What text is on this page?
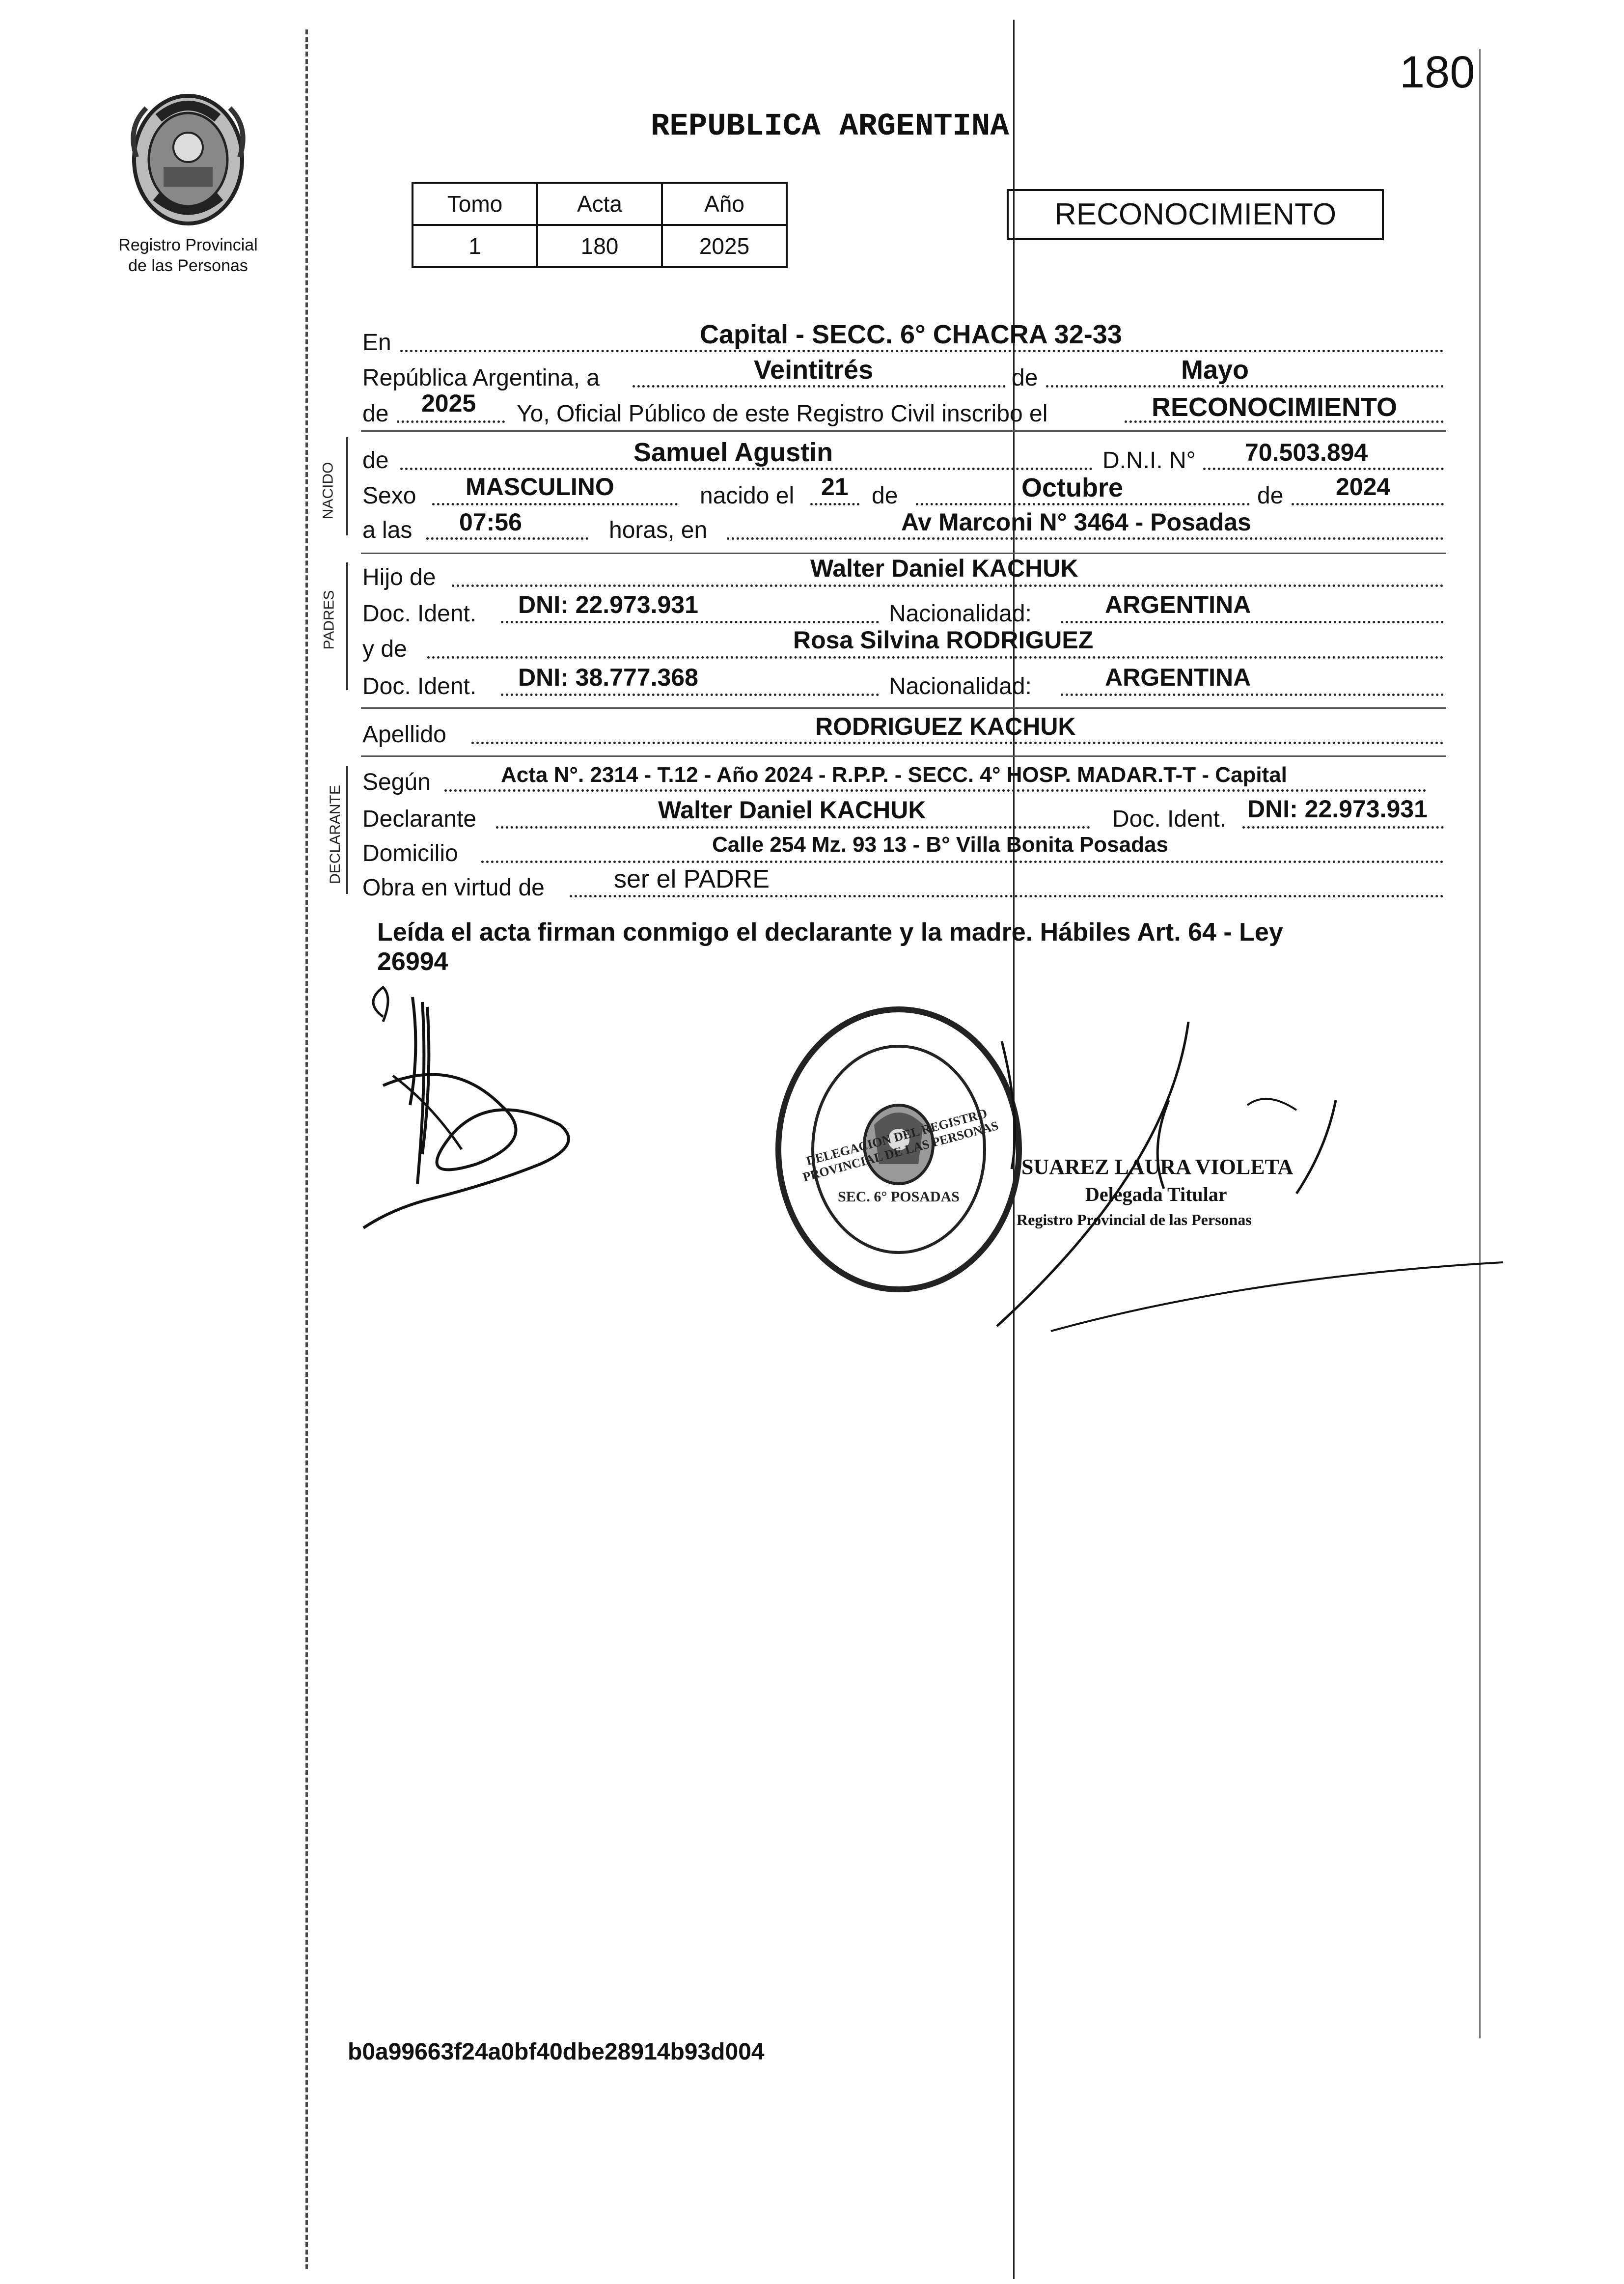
180
Registro Provincial
de las Personas
REPUBLICA ARGENTINA
Tomo	Acta	Año
1	180	2025
RECONOCIMIENTO
NACIDO
PADRES
DECLARANTE
En	Capital - SECC. 6° CHACRA 32-33
República Argentina, a	Veintitrés	de	Mayo
de 2025 Yo, Oficial Público de este Registro Civil inscribo el	RECONOCIMIENTO
de	Samuel Agustin	D.N.I. N° 70.503.894
Sexo MASCULINO	nacido el 21 de	Octubre	de 2024
a las 07:56	horas, en	Av Marconi N° 3464 - Posadas
Hijo de	Walter Daniel KACHUK
Doc. Ident. DNI: 22.973.931	Nacionalidad:	ARGENTINA
y de	Rosa Silvina RODRIGUEZ
Doc. Ident. DNI: 38.777.368	Nacionalidad:	ARGENTINA
Apellido	RODRIGUEZ KACHUK
Según	Acta N°. 2314 - T.12 - Año 2024 - R.P.P. - SECC. 4° HOSP. MADAR.T-T - Capital
Declarante	Walter Daniel KACHUK	Doc. Ident. DNI: 22.973.931
Domicilio	Calle 254 Mz. 93 13 - B° Villa Bonita Posadas
Obra en virtud de	ser el PADRE
Leída el acta firman conmigo el declarante y la madre. Hábiles Art. 64 - Ley
26994
DELEGACION DEL REGISTRO PROVINCIAL DE LAS PERSONAS
SEC. 6° POSADAS
SUAREZ LAURA VIOLETA
Delegada Titular
Registro Provincial de las Personas
b0a99663f24a0bf40dbe28914b93d004
